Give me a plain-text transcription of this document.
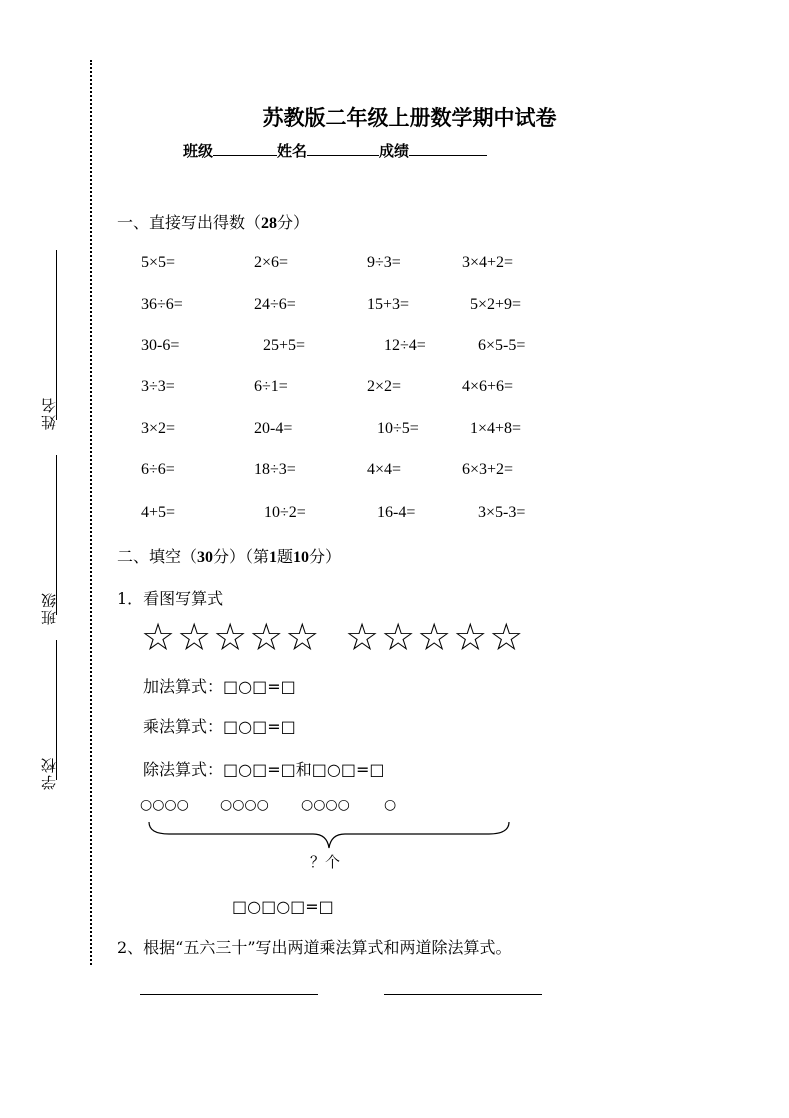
姓名
班级
学校
苏教版二年级上册数学期中试卷
班级	姓名	成绩
一、直接写出得数（28分）
5×5=	2×6=	9÷3=	3×4+2=
36÷6=	24÷6=	15+3=	5×2+9=
30-6=	25+5=	12÷4=	6×5-5=
3÷3=	6÷1=	2×2=	4×6+6=
3×2=	20-4=	10÷5=	1×4+8=
6÷6=	18÷3=	4×4=	6×3+2=
4+5=	10÷2=	16-4=	3×5-3=
二、填空（30分）（第1题10分）
1．看图写算式
☆☆☆☆☆ ☆☆☆☆☆
加法算式：□○□=□
乘法算式：□○□=□
除法算式：□○□=□和□○□=□
○○○○ ○○○○ ○○○○ ○
？个
□○□○□=□
2、根据“五六三十”写出两道乘法算式和两道除法算式。
